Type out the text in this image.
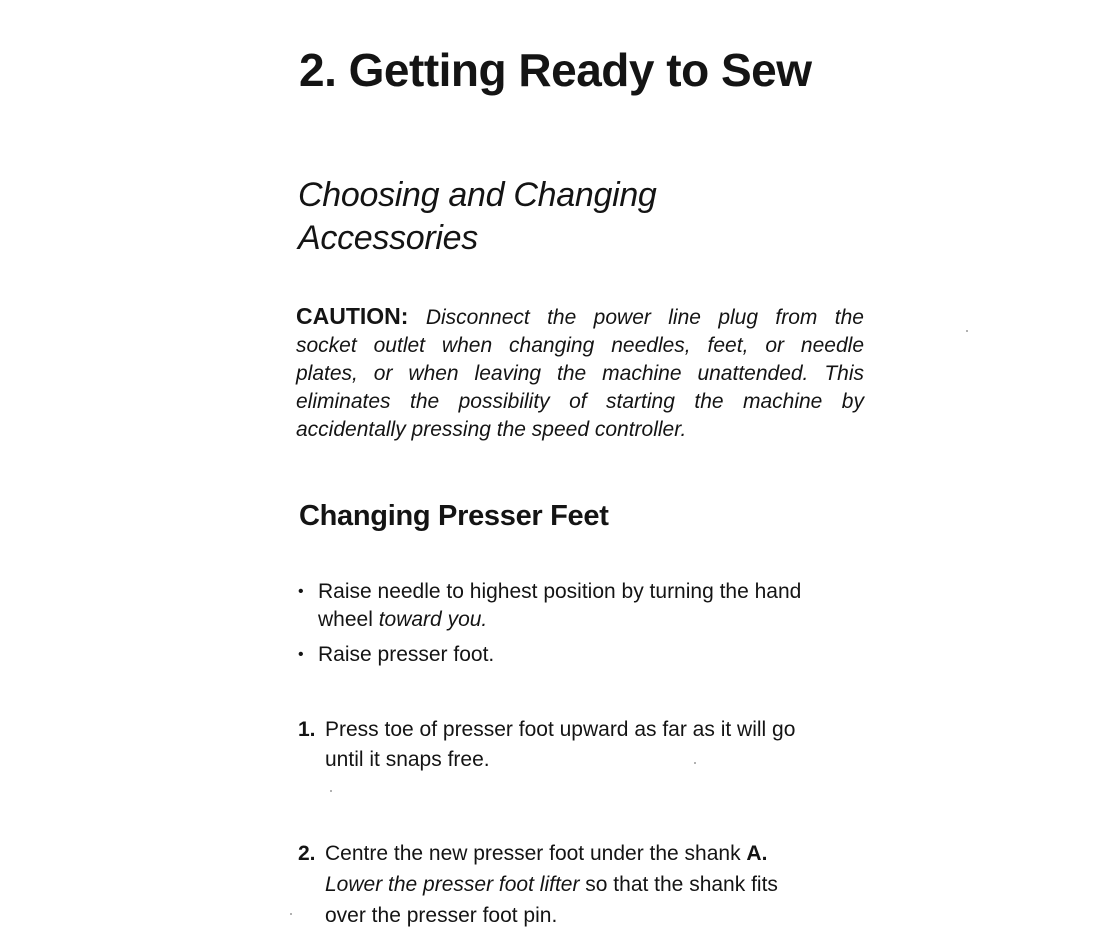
2. Getting Ready to Sew
Choosing and Changing
Accessories

CAUTION: Disconnect the power line plug from the
socket outlet when changing needles, feet, or needle
plates, or when leaving the machine unattended. This
eliminates the possibility of starting the machine by
accidentally pressing the speed controller.

Changing Presser Feet
• Raise needle to highest position by turning the hand
wheel toward you.
• Raise presser foot.
1. Press toe of presser foot upward as far as it will go
until it snaps free.
2. Centre the new presser foot under the shank A.
Lower the presser foot lifter so that the shank fits
over the presser foot pin.
